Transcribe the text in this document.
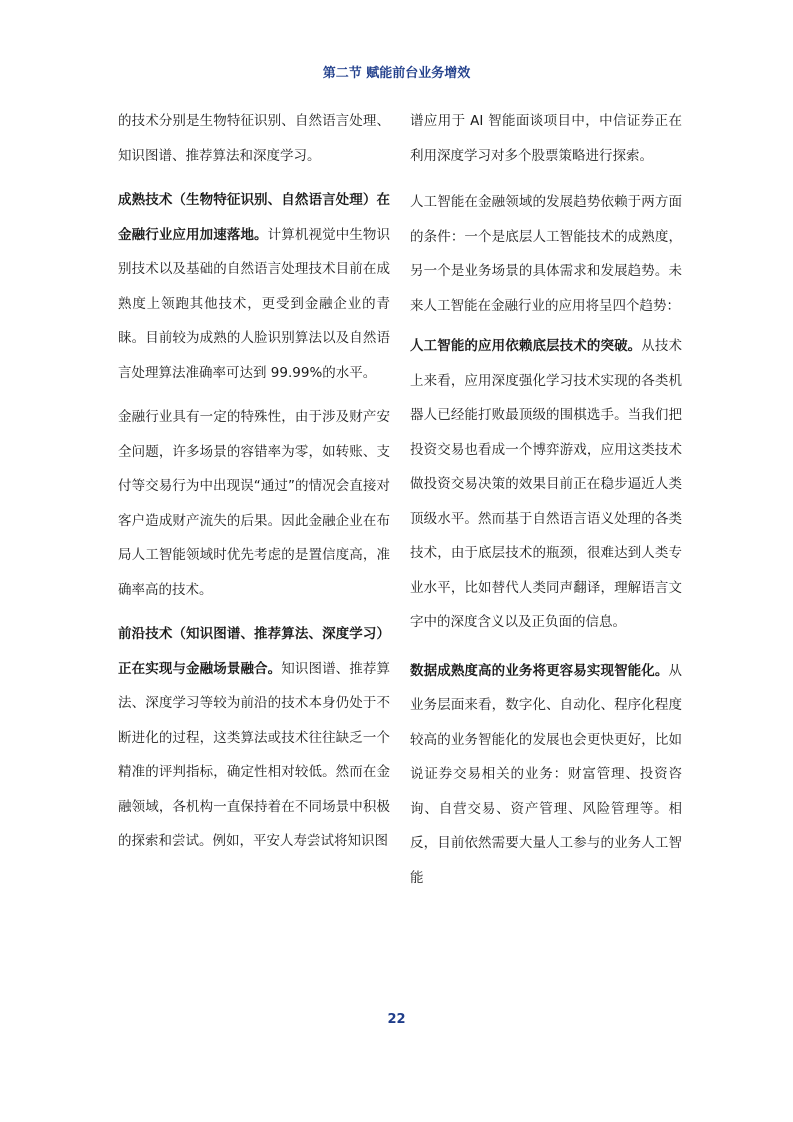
第二节 赋能前台业务增效

的技术分别是生物特征识别、自然语言处理、知识图谱、推荐算法和深度学习。

成熟技术（生物特征识别、自然语言处理）在金融行业应用加速落地。计算机视觉中生物识别技术以及基础的自然语言处理技术目前在成熟度上领跑其他技术，更受到金融企业的青睐。目前较为成熟的人脸识别算法以及自然语言处理算法准确率可达到 99.99%的水平。

金融行业具有一定的特殊性，由于涉及财产安全问题，许多场景的容错率为零，如转账、支付等交易行为中出现误“通过”的情况会直接对客户造成财产流失的后果。因此金融企业在布局人工智能领域时优先考虑的是置信度高，准确率高的技术。

前沿技术（知识图谱、推荐算法、深度学习）正在实现与金融场景融合。知识图谱、推荐算法、深度学习等较为前沿的技术本身仍处于不断进化的过程，这类算法或技术往往缺乏一个精准的评判指标，确定性相对较低。然而在金融领域，各机构一直保持着在不同场景中积极的探索和尝试。例如，平安人寿尝试将知识图

谱应用于 AI 智能面谈项目中，中信证券正在利用深度学习对多个股票策略进行探索。

人工智能在金融领域的发展趋势依赖于两方面的条件：一个是底层人工智能技术的成熟度，另一个是业务场景的具体需求和发展趋势。未来人工智能在金融行业的应用将呈四个趋势：

人工智能的应用依赖底层技术的突破。从技术上来看，应用深度强化学习技术实现的各类机器人已经能打败最顶级的围棋选手。当我们把投资交易也看成一个博弈游戏，应用这类技术做投资交易决策的效果目前正在稳步逼近人类顶级水平。然而基于自然语言语义处理的各类技术，由于底层技术的瓶颈，很难达到人类专业水平，比如替代人类同声翻译，理解语言文字中的深度含义以及正负面的信息。

数据成熟度高的业务将更容易实现智能化。从业务层面来看，数字化、自动化、程序化程度较高的业务智能化的发展也会更快更好，比如说证券交易相关的业务：财富管理、投资咨询、自营交易、资产管理、风险管理等。相反，目前依然需要大量人工参与的业务人工智能

22
